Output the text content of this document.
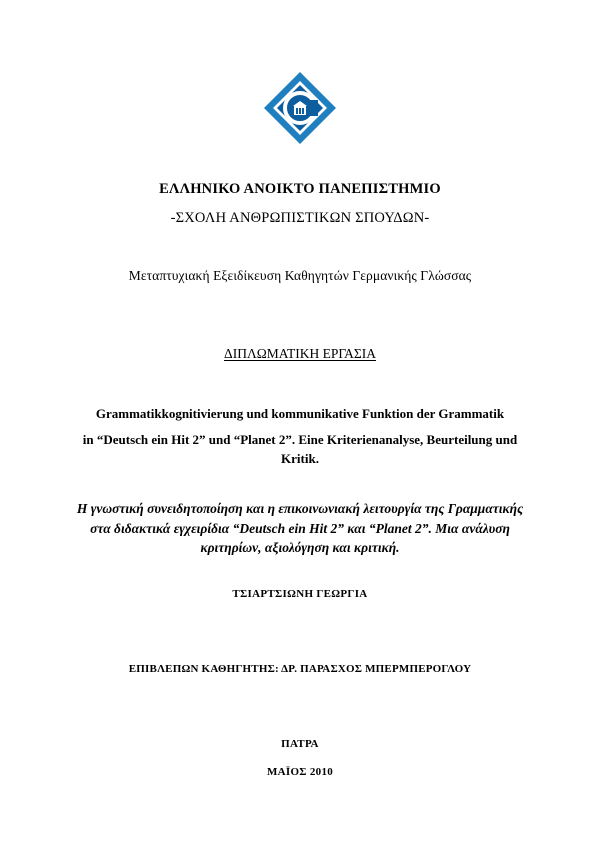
ΕΛΛΗΝΙΚΟ ΑΝΟΙΚΤΟ ΠΑΝΕΠΙΣΤΗΜΙΟ

-ΣΧΟΛΗ ΑΝΘΡΩΠΙΣΤΙΚΩΝ ΣΠΟΥΔΩΝ-

Μεταπτυχιακή Εξειδίκευση Καθηγητών Γερμανικής Γλώσσας

ΔΙΠΛΩΜΑΤΙΚΗ ΕΡΓΑΣΙΑ

Grammatikkognitivierung und kommunikative Funktion der Grammatik
in “Deutsch ein Hit 2” und “Planet 2”. Eine Kriterienanalyse, Beurteilung und Kritik.
Η γνωστική συνειδητοποίηση και η επικοινωνιακή λειτουργία της Γραμματικής στα διδακτικά εγχειρίδια “Deutsch ein Hit 2” και “Planet 2”. Μια ανάλυση κριτηρίων, αξιολόγηση και κριτική.

ΤΣΙΑΡΤΣΙΩΝΗ ΓΕΩΡΓΙΑ

ΕΠΙΒΛΕΠΩΝ ΚΑΘΗΓΗΤΗΣ: ΔΡ. ΠΑΡΑΣΧΟΣ ΜΠΕΡΜΠΕΡΟΓΛΟΥ

ΠΑΤΡΑ

ΜΑΪΟΣ 2010
